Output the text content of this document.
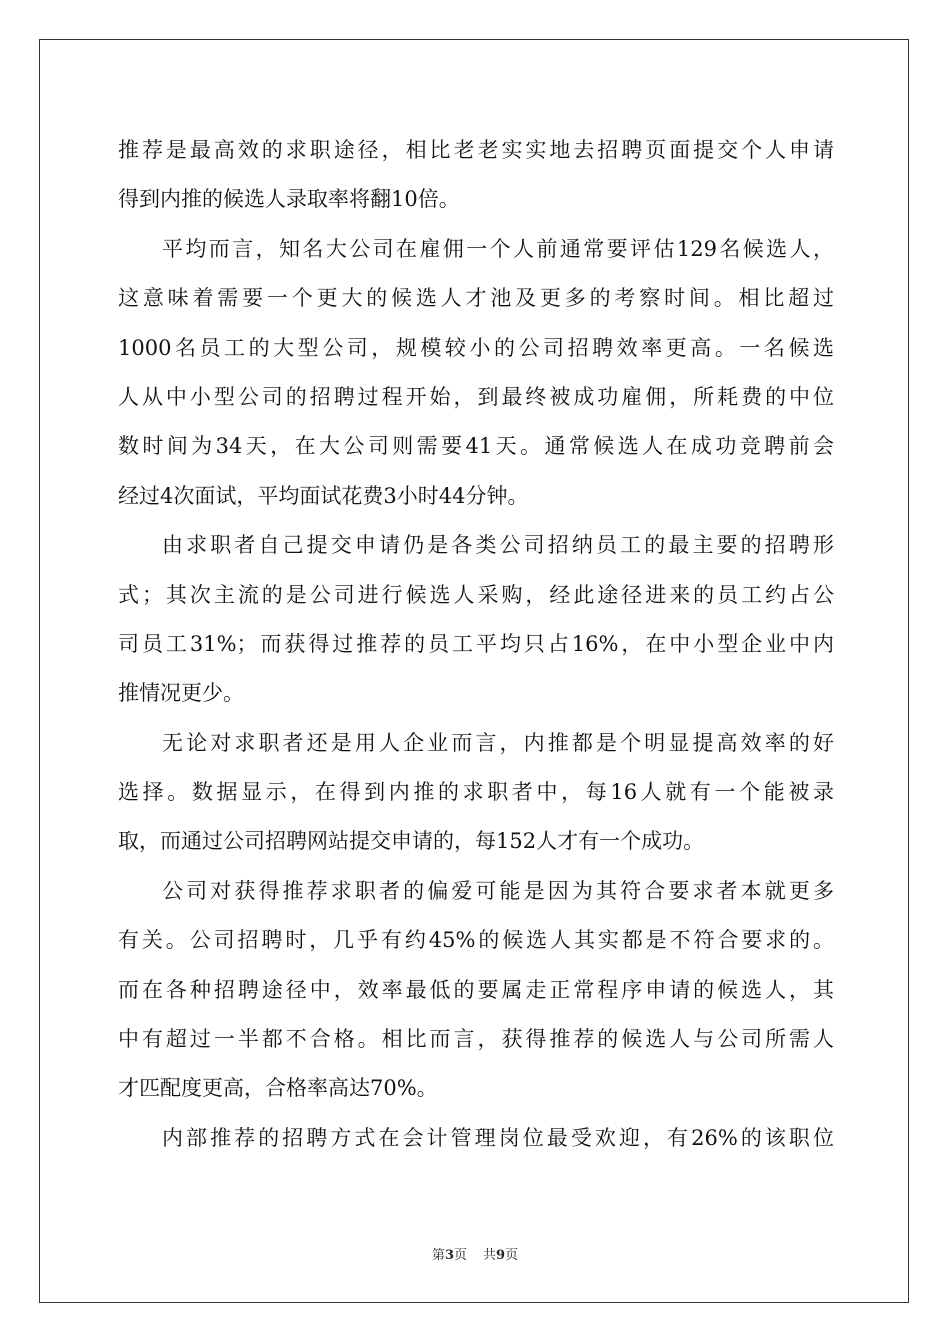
推荐是最高效的求职途径，相比老老实实地去招聘页面提交个人申请
得到内推的候选人录取率将翻10倍。
平均而言，知名大公司在雇佣一个人前通常要评估129名候选人，
这意味着需要一个更大的候选人才池及更多的考察时间。相比超过
1000名员工的大型公司，规模较小的公司招聘效率更高。一名候选
人从中小型公司的招聘过程开始，到最终被成功雇佣，所耗费的中位
数时间为34天，在大公司则需要41天。通常候选人在成功竞聘前会
经过4次面试，平均面试花费3小时44分钟。
由求职者自己提交申请仍是各类公司招纳员工的最主要的招聘形
式；其次主流的是公司进行候选人采购，经此途径进来的员工约占公
司员工31%；而获得过推荐的员工平均只占16%，在中小型企业中内
推情况更少。
无论对求职者还是用人企业而言，内推都是个明显提高效率的好
选择。数据显示，在得到内推的求职者中，每16人就有一个能被录
取，而通过公司招聘网站提交申请的，每152人才有一个成功。
公司对获得推荐求职者的偏爱可能是因为其符合要求者本就更多
有关。公司招聘时，几乎有约45%的候选人其实都是不符合要求的。
而在各种招聘途径中，效率最低的要属走正常程序申请的候选人，其
中有超过一半都不合格。相比而言，获得推荐的候选人与公司所需人
才匹配度更高，合格率高达70%。
内部推荐的招聘方式在会计管理岗位最受欢迎，有26%的该职位
第3页 共9页
